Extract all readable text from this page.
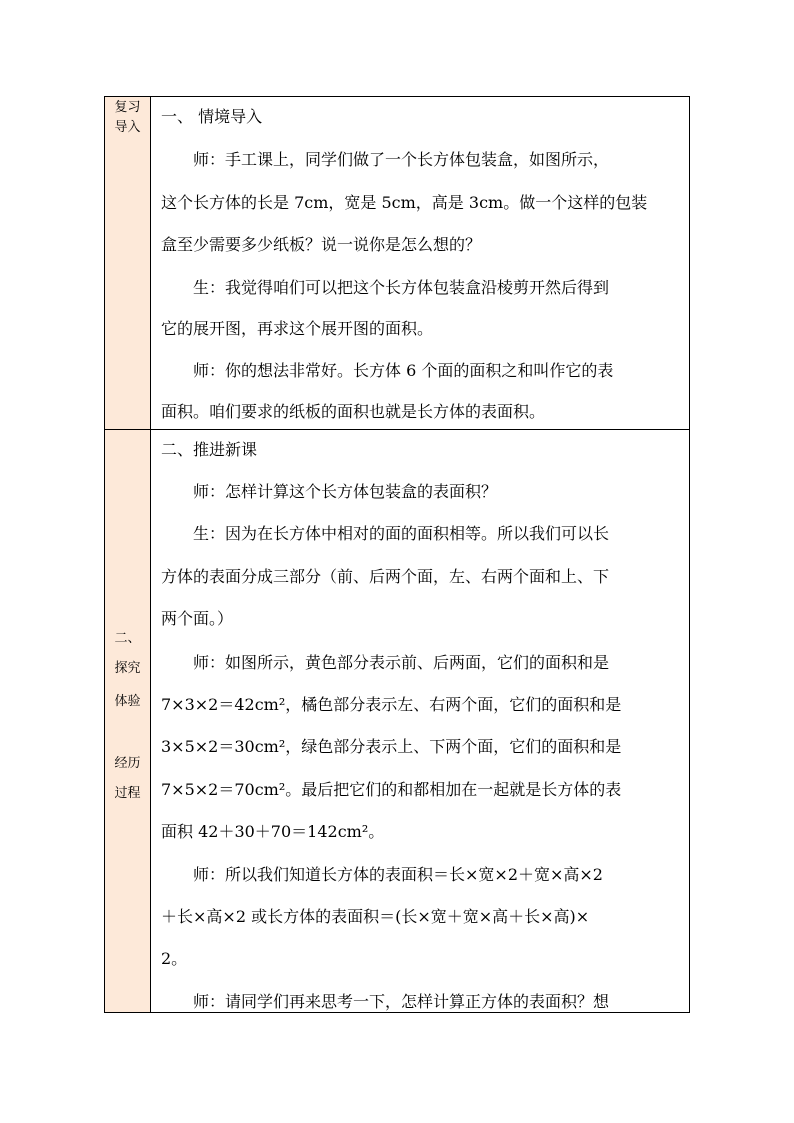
复习
导入
一、 情境导入
师：手工课上，同学们做了一个长方体包装盒，如图所示，
这个长方体的长是 7cm，宽是 5cm，高是 3cm。做一个这样的包装
盒至少需要多少纸板？说一说你是怎么想的？
生：我觉得咱们可以把这个长方体包装盒沿棱剪开然后得到
它的展开图，再求这个展开图的面积。
师：你的想法非常好。长方体 6 个面的面积之和叫作它的表
面积。咱们要求的纸板的面积也就是长方体的表面积。
二、
探究
体验
经历
过程
二、推进新课
师：怎样计算这个长方体包装盒的表面积？
生：因为在长方体中相对的面的面积相等。所以我们可以长
方体的表面分成三部分（前、后两个面，左、右两个面和上、下
两个面。）
师：如图所示，黄色部分表示前、后两面，它们的面积和是
7×3×2＝42cm²，橘色部分表示左、右两个面，它们的面积和是
3×5×2＝30cm²，绿色部分表示上、下两个面，它们的面积和是
7×5×2＝70cm²。最后把它们的和都相加在一起就是长方体的表
面积 42＋30＋70＝142cm²。
师：所以我们知道长方体的表面积＝长×宽×2＋宽×高×2
＋长×高×2 或长方体的表面积＝(长×宽＋宽×高＋长×高)×
2。
师：请同学们再来思考一下，怎样计算正方体的表面积？想
